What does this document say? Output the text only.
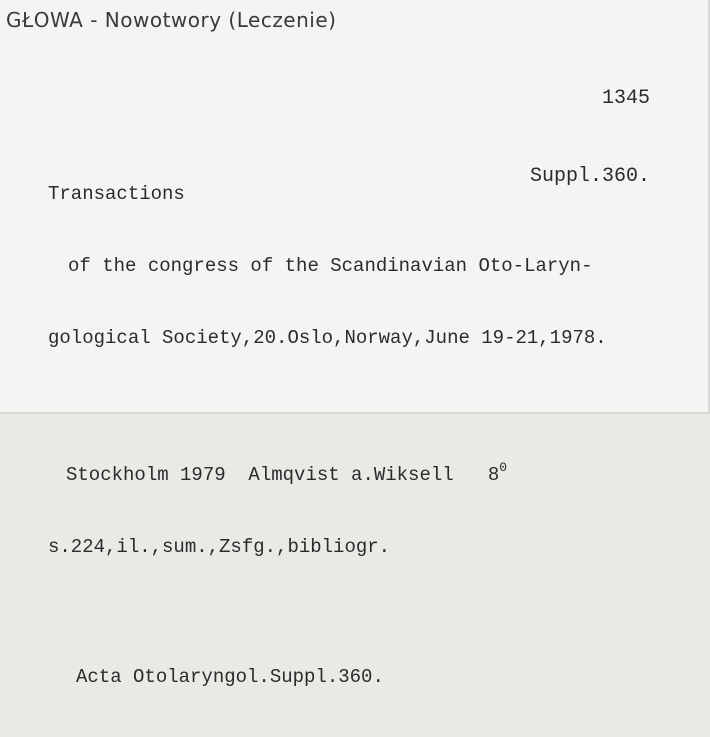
GŁOWA - Nowotwory (Leczenie)

1345

Suppl.360.

Transactions

of the congress of the Scandinavian Oto-Laryn-

gological Society,20.Oslo,Norway,June 19-21,1978.

Stockholm 1979  Almqvist a.Wiksell   $8^0$

s.224,il.,sum.,Zsfg.,bibliogr.

Acta Otolaryngol.Suppl.360.
